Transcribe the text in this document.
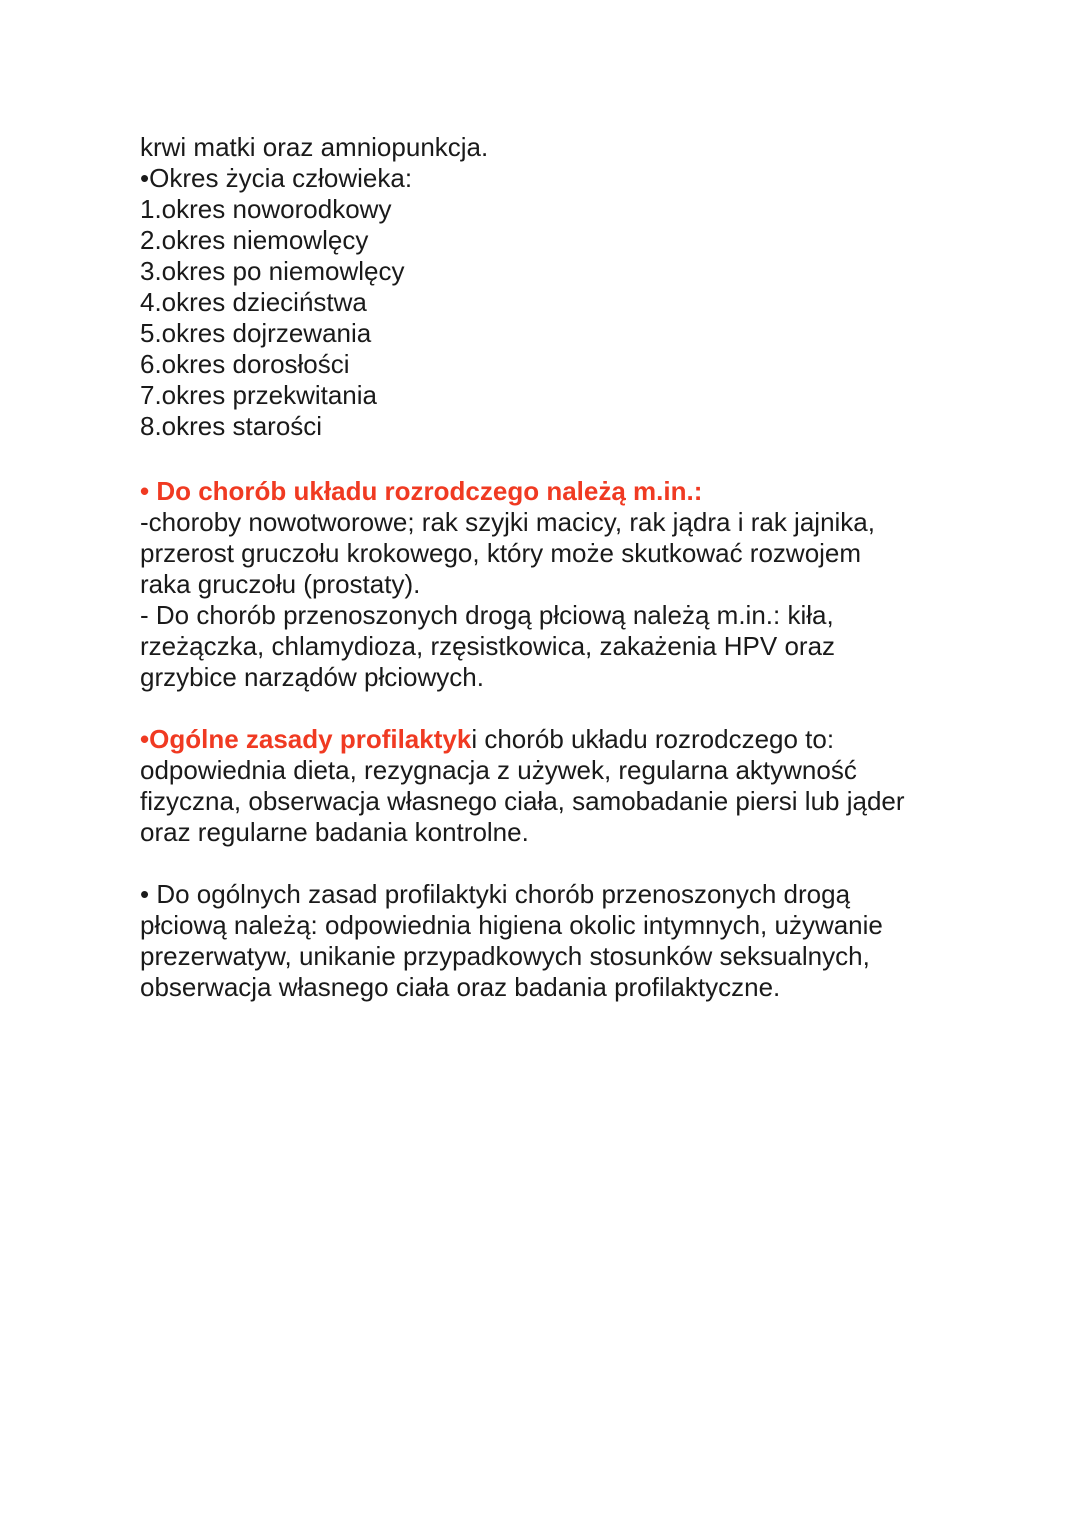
krwi matki oraz amniopunkcja.
•Okres życia człowieka:
1.okres noworodkowy
2.okres niemowlęcy
3.okres po niemowlęcy
4.okres dzieciństwa
5.okres dojrzewania
6.okres dorosłości
7.okres przekwitania
8.okres starości
• Do chorób układu rozrodczego należą m.in.:
-choroby nowotworowe; rak szyjki macicy, rak jądra i rak jajnika,
przerost gruczołu krokowego, który może skutkować rozwojem
raka gruczołu (prostaty).
- Do chorób przenoszonych drogą płciową należą m.in.: kiła,
rzeżączka, chlamydioza, rzęsistkowica, zakażenia HPV oraz
grzybice narządów płciowych.
•Ogólne zasady profilaktyki chorób układu rozrodczego to:
odpowiednia dieta, rezygnacja z używek, regularna aktywność
fizyczna, obserwacja własnego ciała, samobadanie piersi lub jąder
oraz regularne badania kontrolne.
• Do ogólnych zasad profilaktyki chorób przenoszonych drogą
płciową należą: odpowiednia higiena okolic intymnych, używanie
prezerwatyw, unikanie przypadkowych stosunków seksualnych,
obserwacja własnego ciała oraz badania profilaktyczne.
